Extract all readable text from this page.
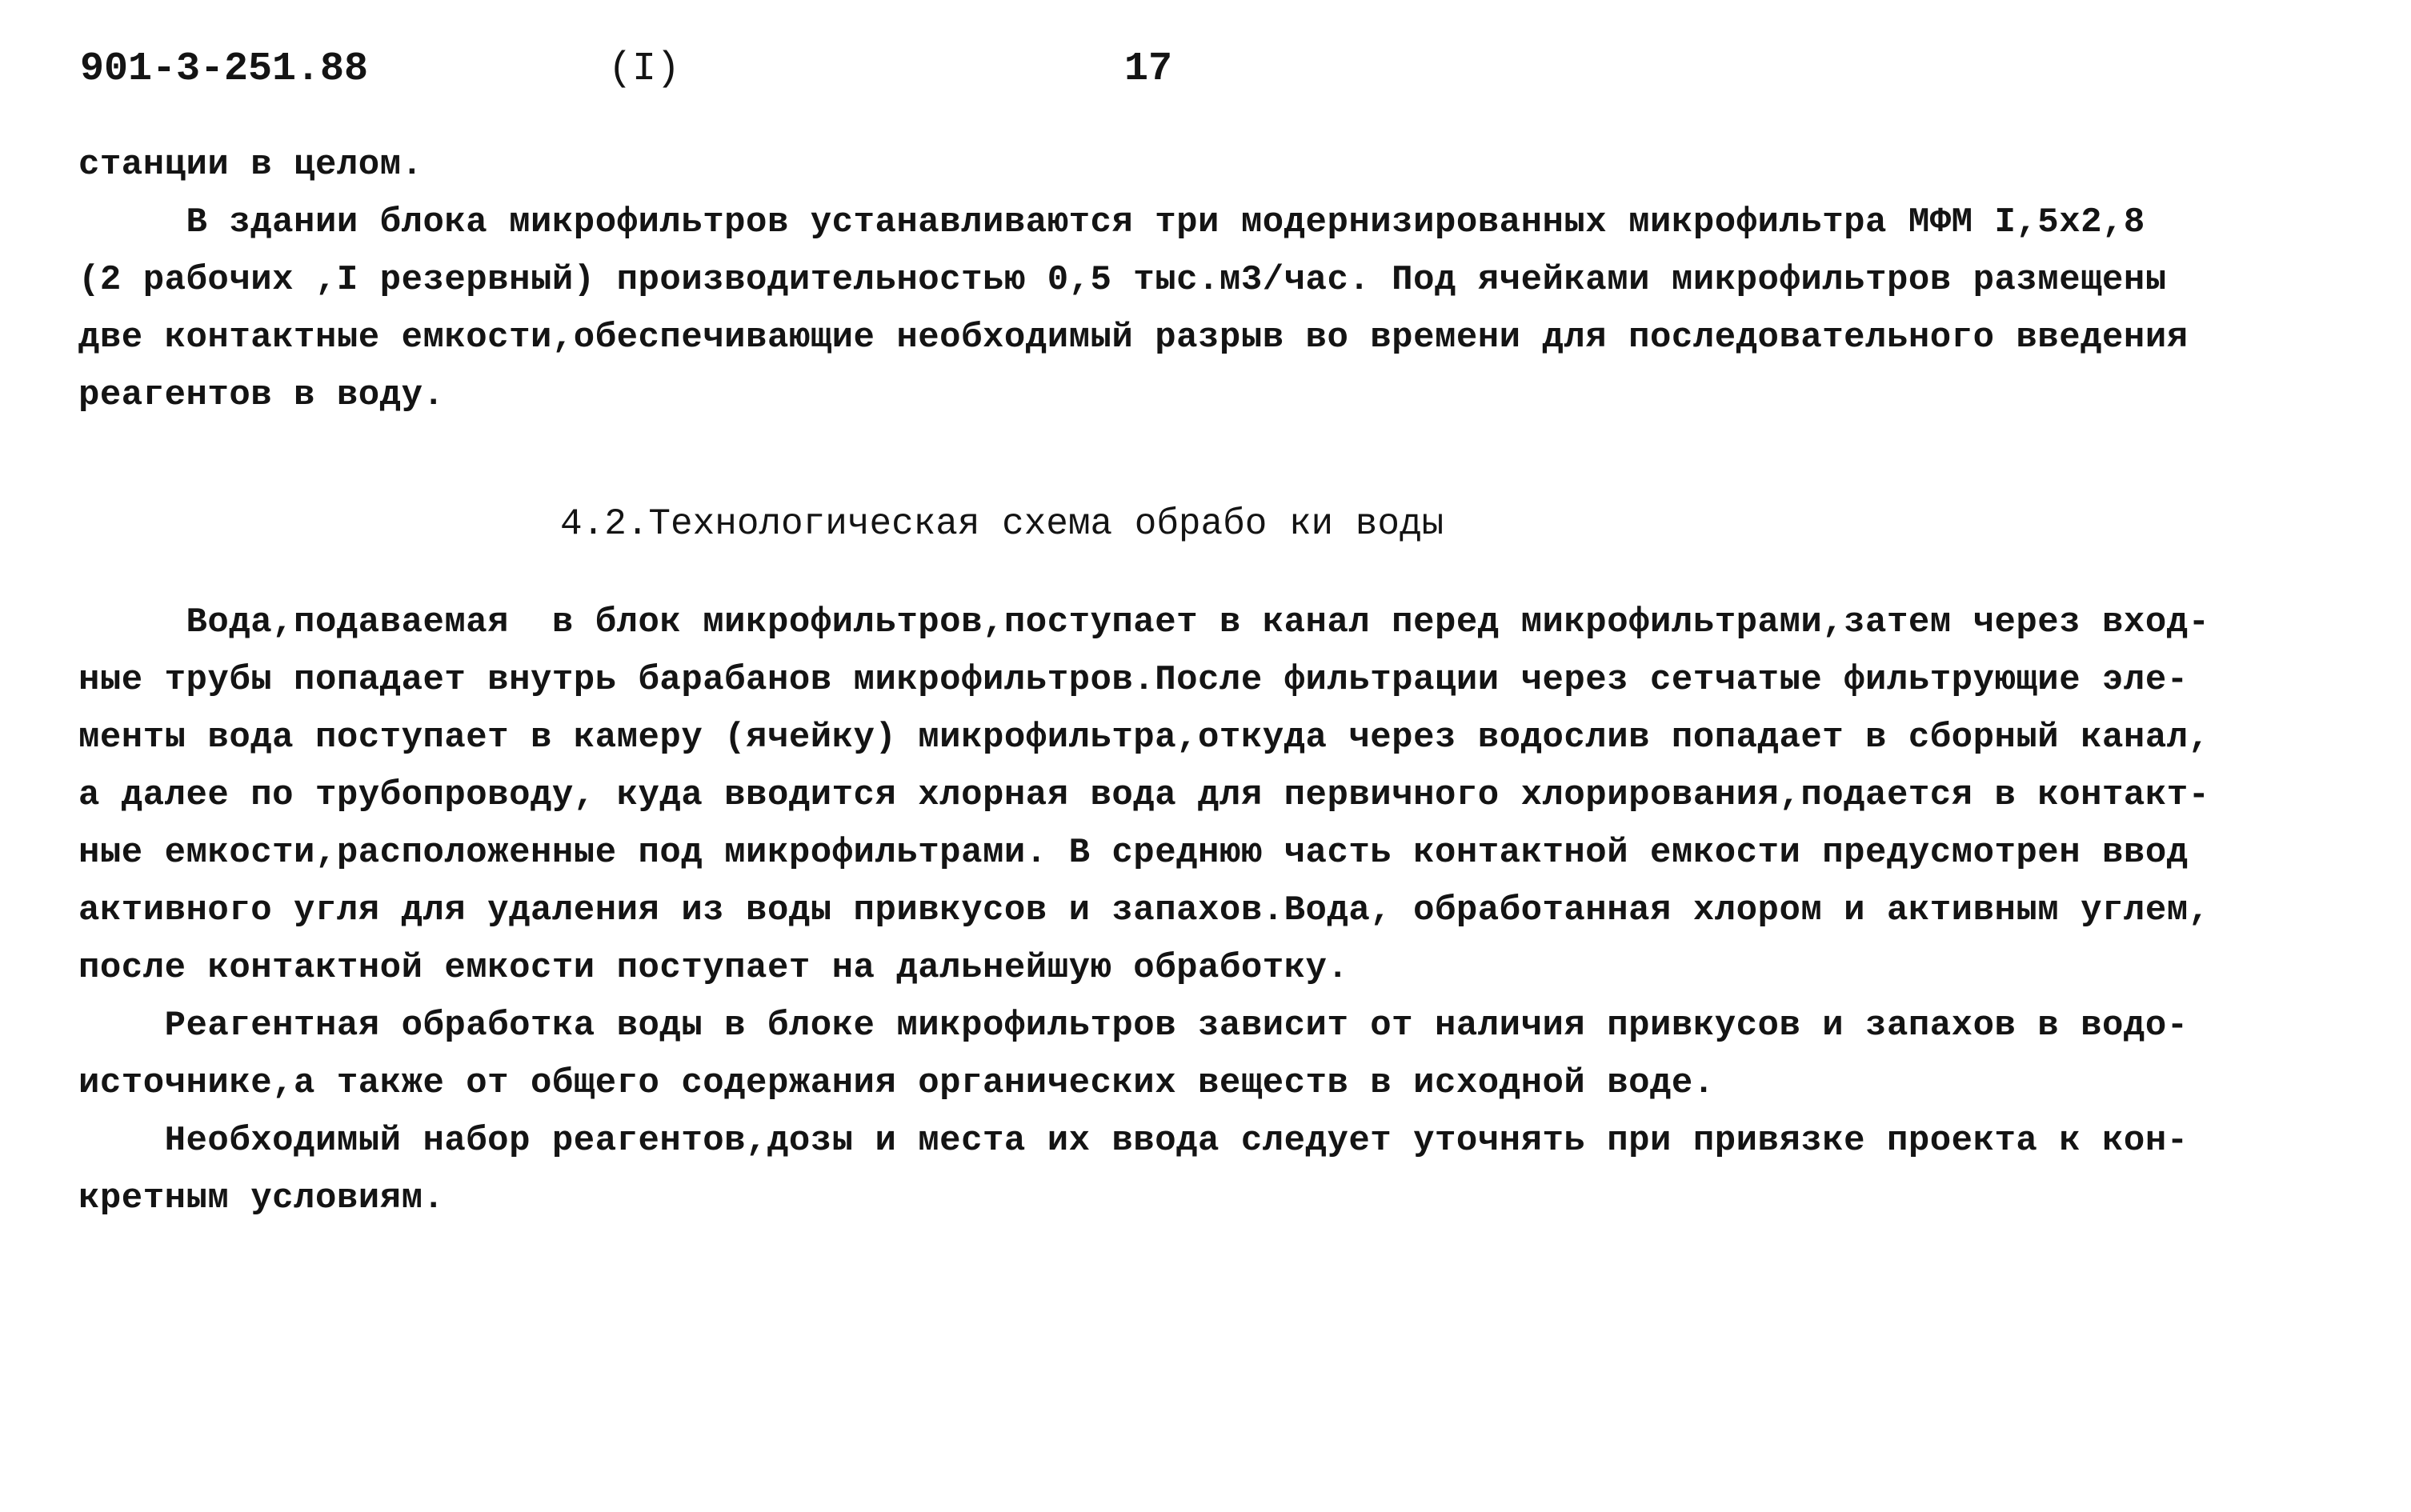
901-3-251.88	(I)	17
станции в целом.
В здании блока микрофильтров устанавливаются три модернизированных микрофильтра МФМ I,5х2,8
(2 рабочих ,I резервный) производительностью 0,5 тыс.м3/час. Под ячейками микрофильтров размещены
две контактные емкости,обеспечивающие необходимый разрыв во времени для последовательного введения
реагентов в воду.
4.2.Технологическая схема обрабо ки воды
Вода,подаваемая  в блок микрофильтров,поступает в канал перед микрофильтрами,затем через вход-
ные трубы попадает внутрь барабанов микрофильтров.После фильтрации через сетчатые фильтрующие эле-
менты вода поступает в камеру (ячейку) микрофильтра,откуда через водослив попадает в сборный канал,
а далее по трубопроводу, куда вводится хлорная вода для первичного хлорирования,подается в контакт-
ные емкости,расположенные под микрофильтрами. В среднюю часть контактной емкости предусмотрен ввод
активного угля для удаления из воды привкусов и запахов.Вода, обработанная хлором и активным углем,
после контактной емкости поступает на дальнейшую обработку.
Реагентная обработка воды в блоке микрофильтров зависит от наличия привкусов и запахов в водо-
источнике,а также от общего содержания органических веществ в исходной воде.
Необходимый набор реагентов,дозы и места их ввода следует уточнять при привязке проекта к кон-
кретным условиям.
